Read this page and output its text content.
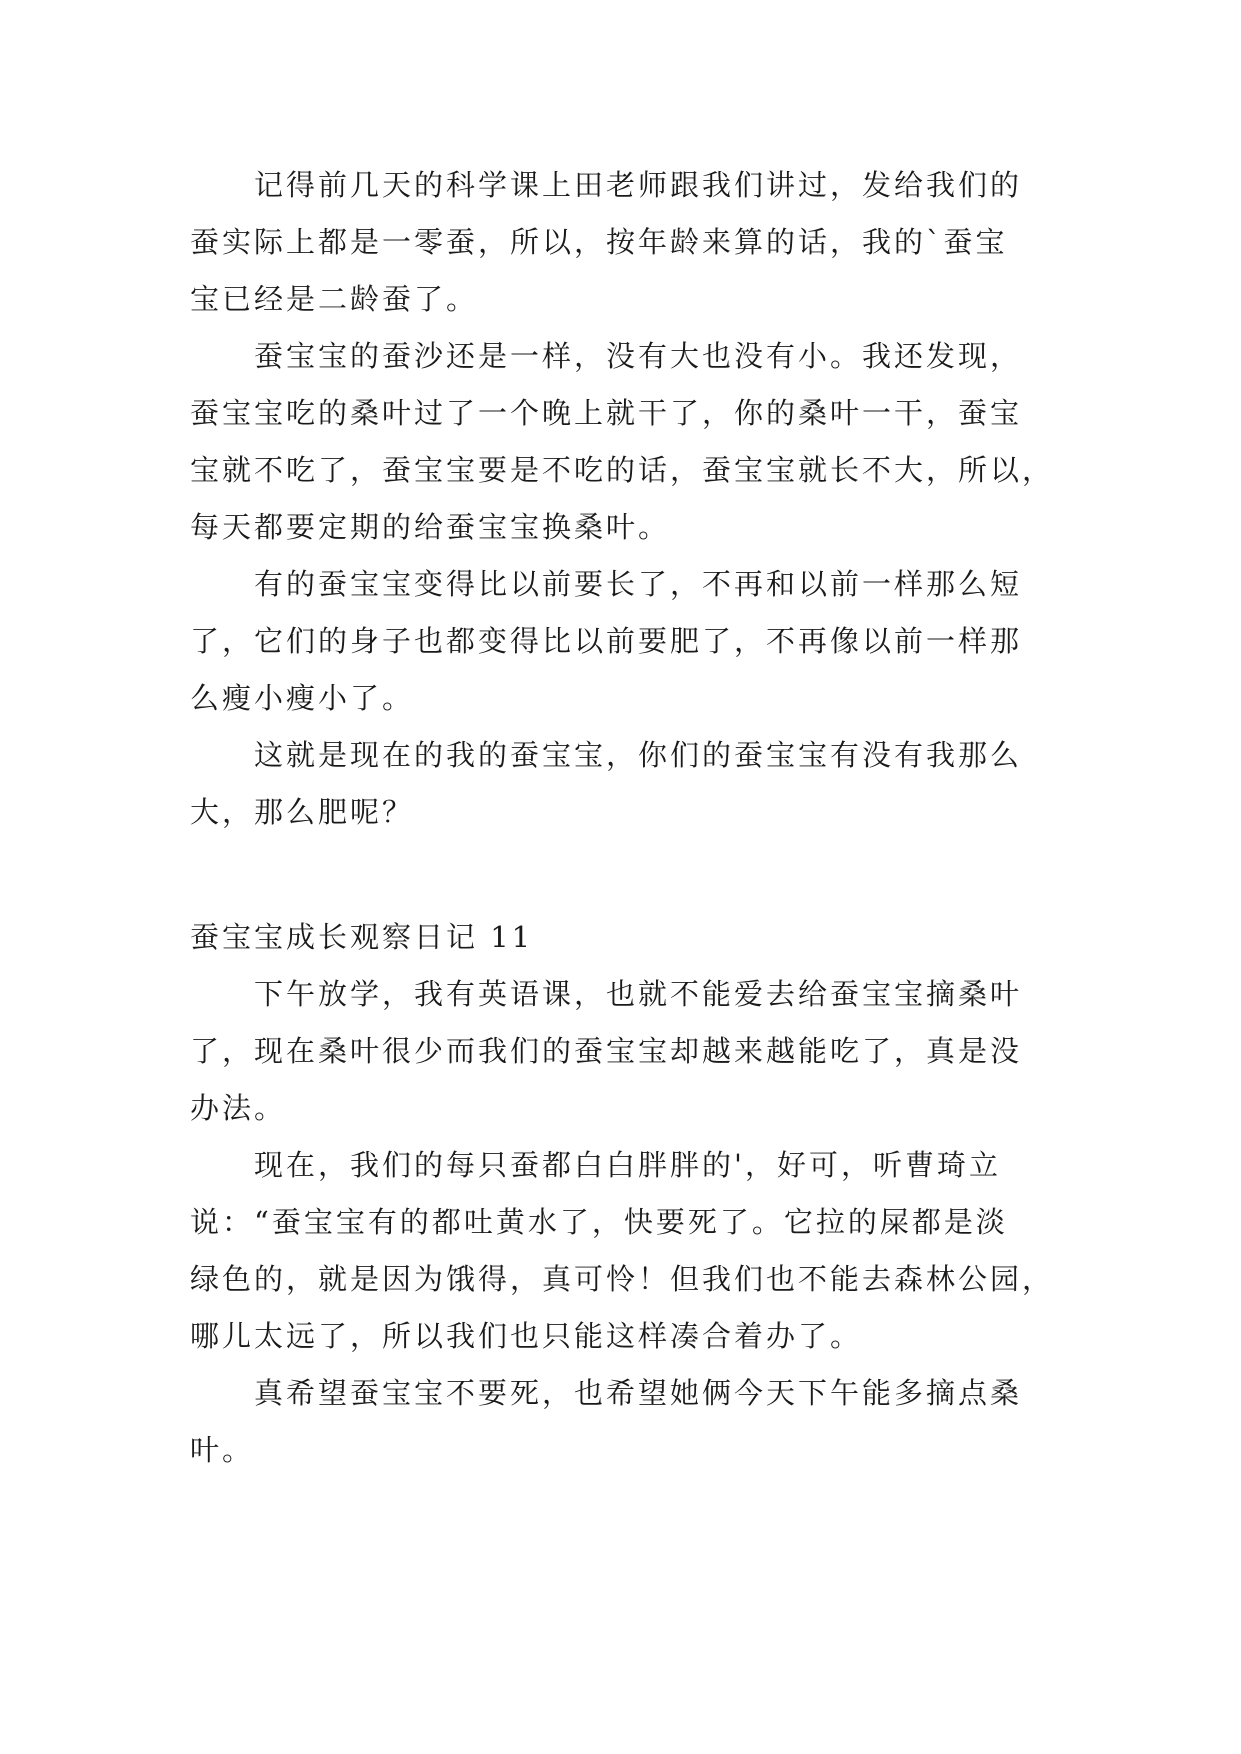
记得前几天的科学课上田老师跟我们讲过，发给我们的

蚕实际上都是一零蚕，所以，按年龄来算的话，我的`蚕宝

宝已经是二龄蚕了。

蚕宝宝的蚕沙还是一样，没有大也没有小。我还发现，

蚕宝宝吃的桑叶过了一个晚上就干了，你的桑叶一干，蚕宝

宝就不吃了，蚕宝宝要是不吃的话，蚕宝宝就长不大，所以，

每天都要定期的给蚕宝宝换桑叶。

有的蚕宝宝变得比以前要长了，不再和以前一样那么短

了，它们的身子也都变得比以前要肥了，不再像以前一样那

么瘦小瘦小了。

这就是现在的我的蚕宝宝，你们的蚕宝宝有没有我那么

大，那么肥呢？

蚕宝宝成长观察日记 11

下午放学，我有英语课，也就不能爱去给蚕宝宝摘桑叶

了，现在桑叶很少而我们的蚕宝宝却越来越能吃了，真是没

办法。

现在，我们的每只蚕都白白胖胖的'，好可，听曹琦立

说：“蚕宝宝有的都吐黄水了，快要死了。它拉的屎都是淡

绿色的，就是因为饿得，真可怜！但我们也不能去森林公园，

哪儿太远了，所以我们也只能这样凑合着办了。

真希望蚕宝宝不要死，也希望她俩今天下午能多摘点桑

叶。
